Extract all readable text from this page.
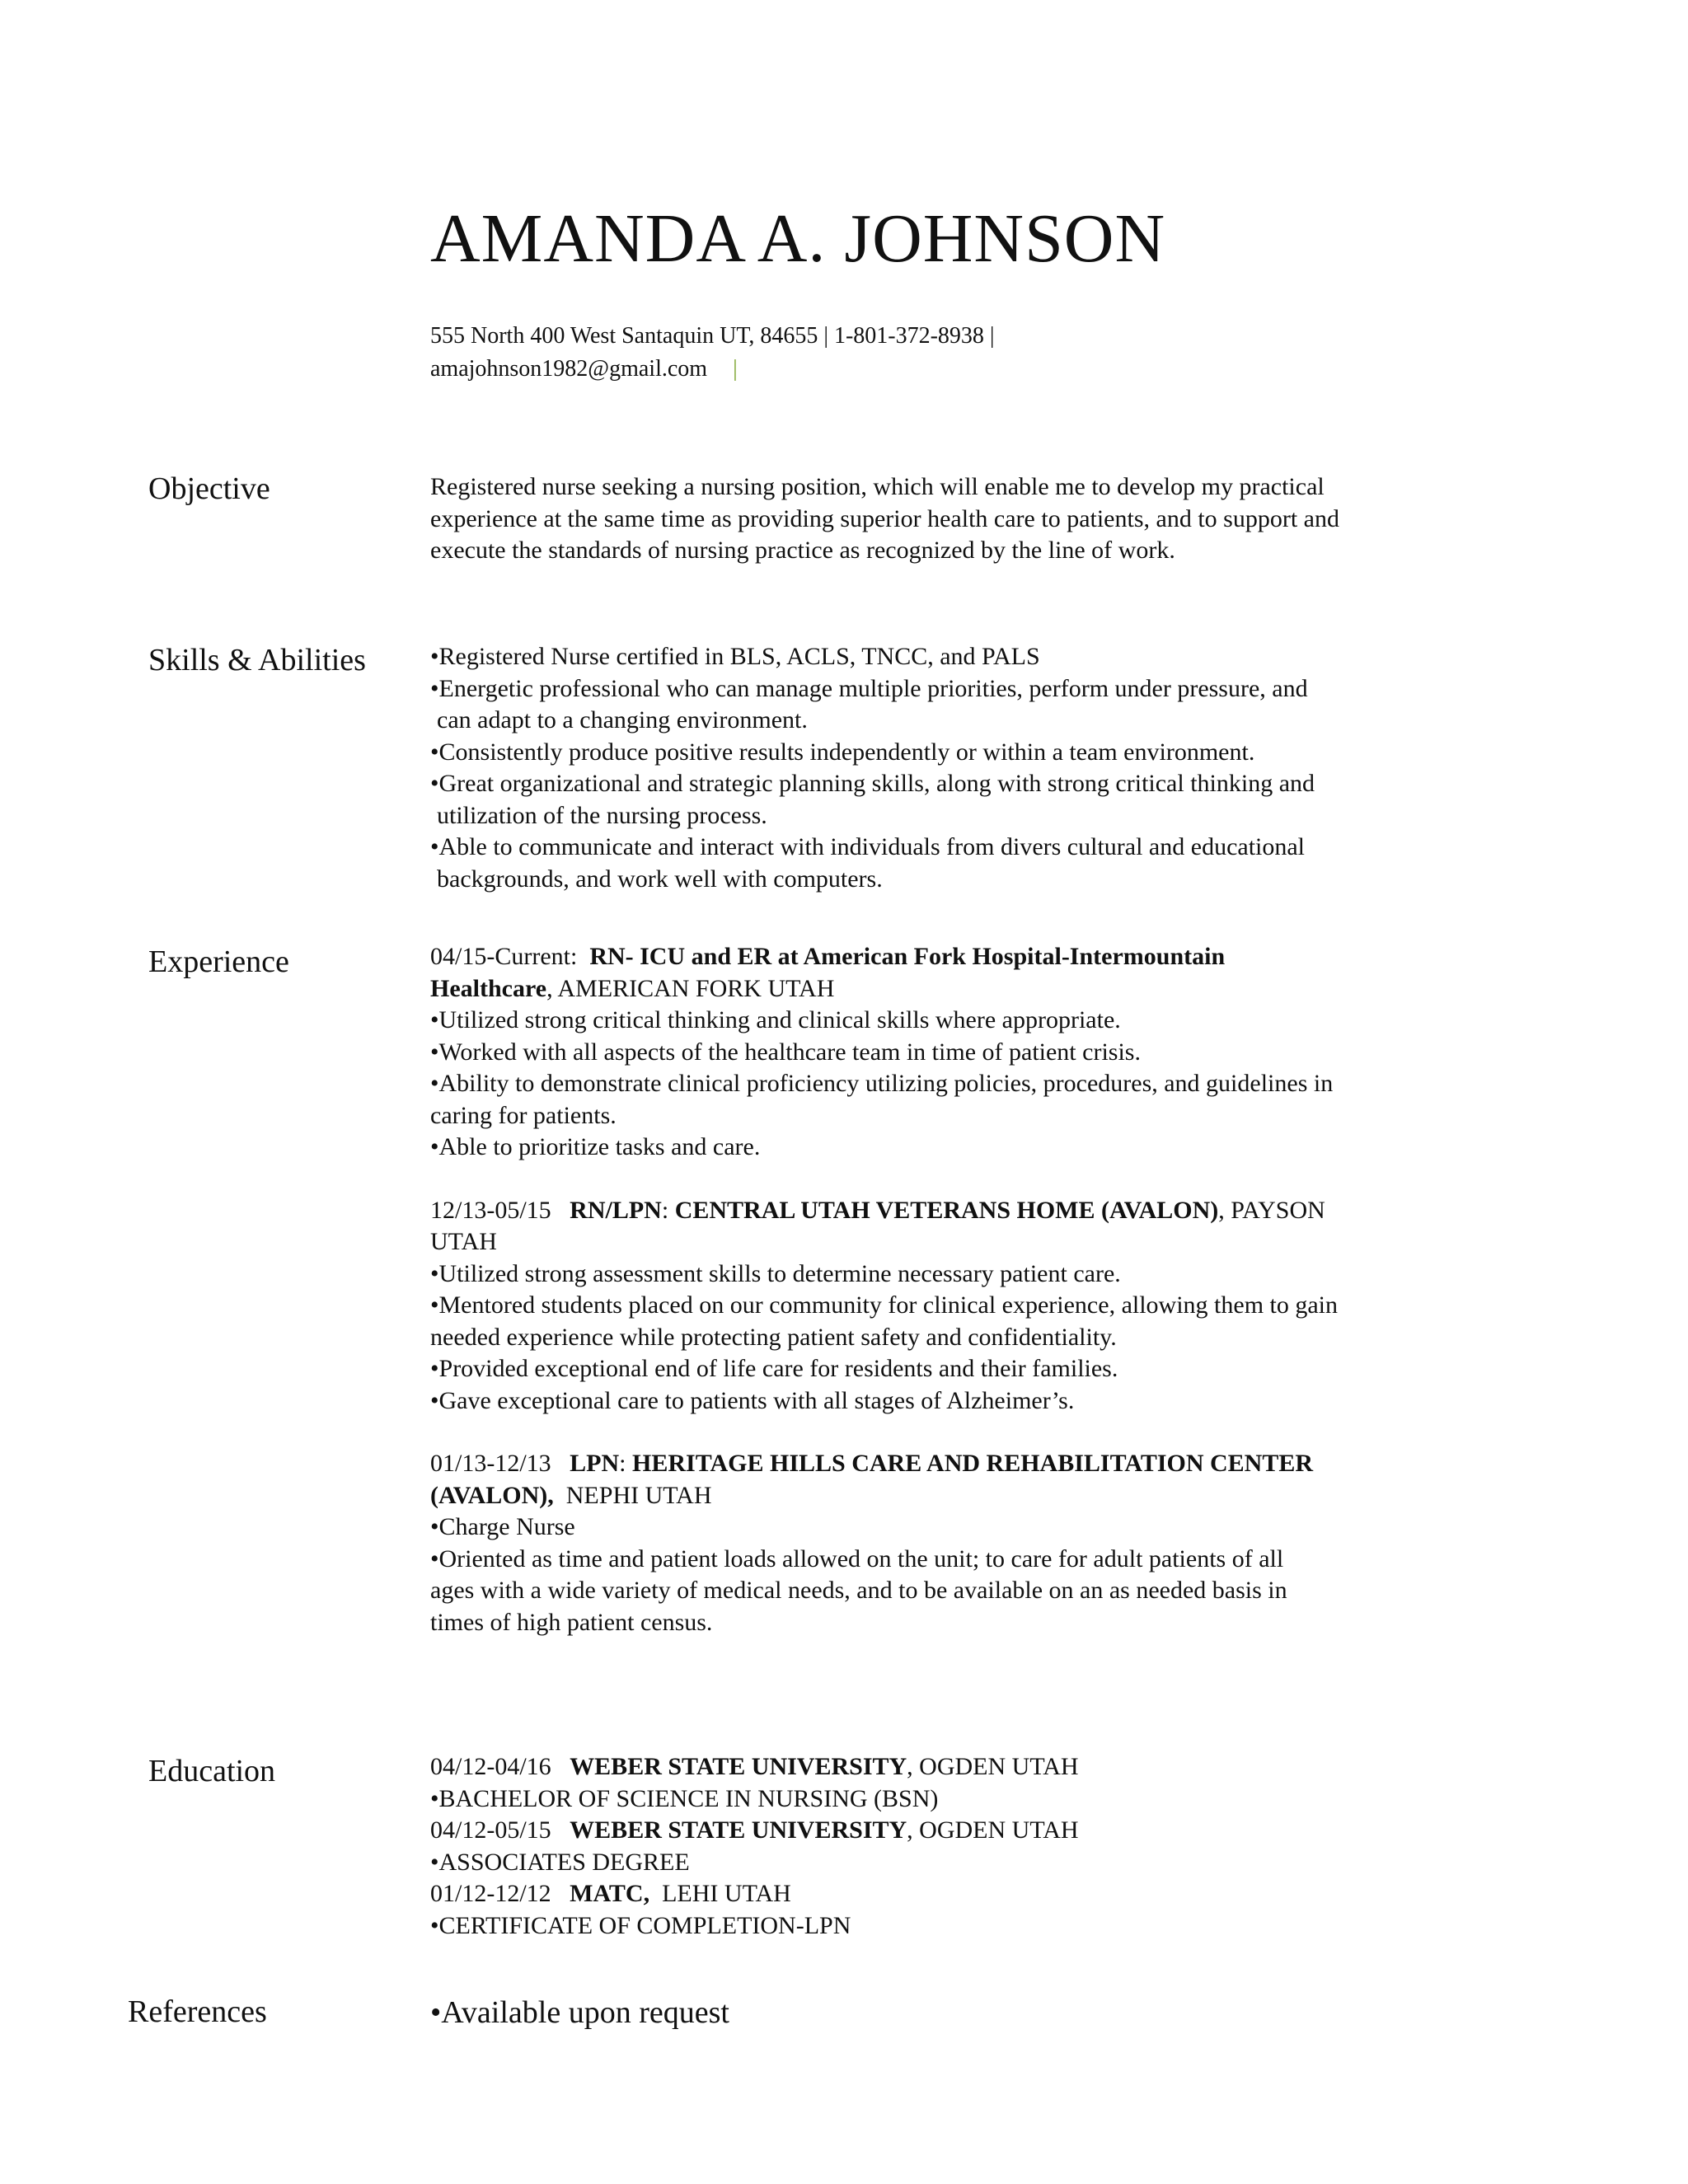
AMANDA A. JOHNSON
555 North 400 West Santaquin UT, 84655 | 1-801-372-8938 |
amajohnson1982@gmail.com |
Objective	Registered nurse seeking a nursing position, which will enable me to develop my practical

experience at the same time as providing superior health care to patients, and to support and

execute the standards of nursing practice as recognized by the line of work.

Skills & Abilities	•Registered Nurse certified in BLS, ACLS, TNCC, and PALS

•Energetic professional who can manage multiple priorities, perform under pressure, and

can adapt to a changing environment.

•Consistently produce positive results independently or within a team environment.

•Great organizational and strategic planning skills, along with strong critical thinking and

utilization of the nursing process.

•Able to communicate and interact with individuals from divers cultural and educational

backgrounds, and work well with computers.

Experience	04/15-Current: RN- ICU and ER at American Fork Hospital-Intermountain

Healthcare, AMERICAN FORK UTAH

•Utilized strong critical thinking and clinical skills where appropriate.

•Worked with all aspects of the healthcare team in time of patient crisis.

•Ability to demonstrate clinical proficiency utilizing policies, procedures, and guidelines in

caring for patients.

•Able to prioritize tasks and care.

12/13-05/15 RN/LPN: CENTRAL UTAH VETERANS HOME (AVALON), PAYSON

UTAH

•Utilized strong assessment skills to determine necessary patient care.

•Mentored students placed on our community for clinical experience, allowing them to gain

needed experience while protecting patient safety and confidentiality.

•Provided exceptional end of life care for residents and their families.

•Gave exceptional care to patients with all stages of Alzheimer’s.

01/13-12/13 LPN: HERITAGE HILLS CARE AND REHABILITATION CENTER

(AVALON), NEPHI UTAH

•Charge Nurse

•Oriented as time and patient loads allowed on the unit; to care for adult patients of all

ages with a wide variety of medical needs, and to be available on an as needed basis in

times of high patient census.

Education	04/12-04/16 WEBER STATE UNIVERSITY, OGDEN UTAH

•BACHELOR OF SCIENCE IN NURSING (BSN)

04/12-05/15 WEBER STATE UNIVERSITY, OGDEN UTAH

•ASSOCIATES DEGREE

01/12-12/12 MATC, LEHI UTAH

•CERTIFICATE OF COMPLETION-LPN

References	•Available upon request
